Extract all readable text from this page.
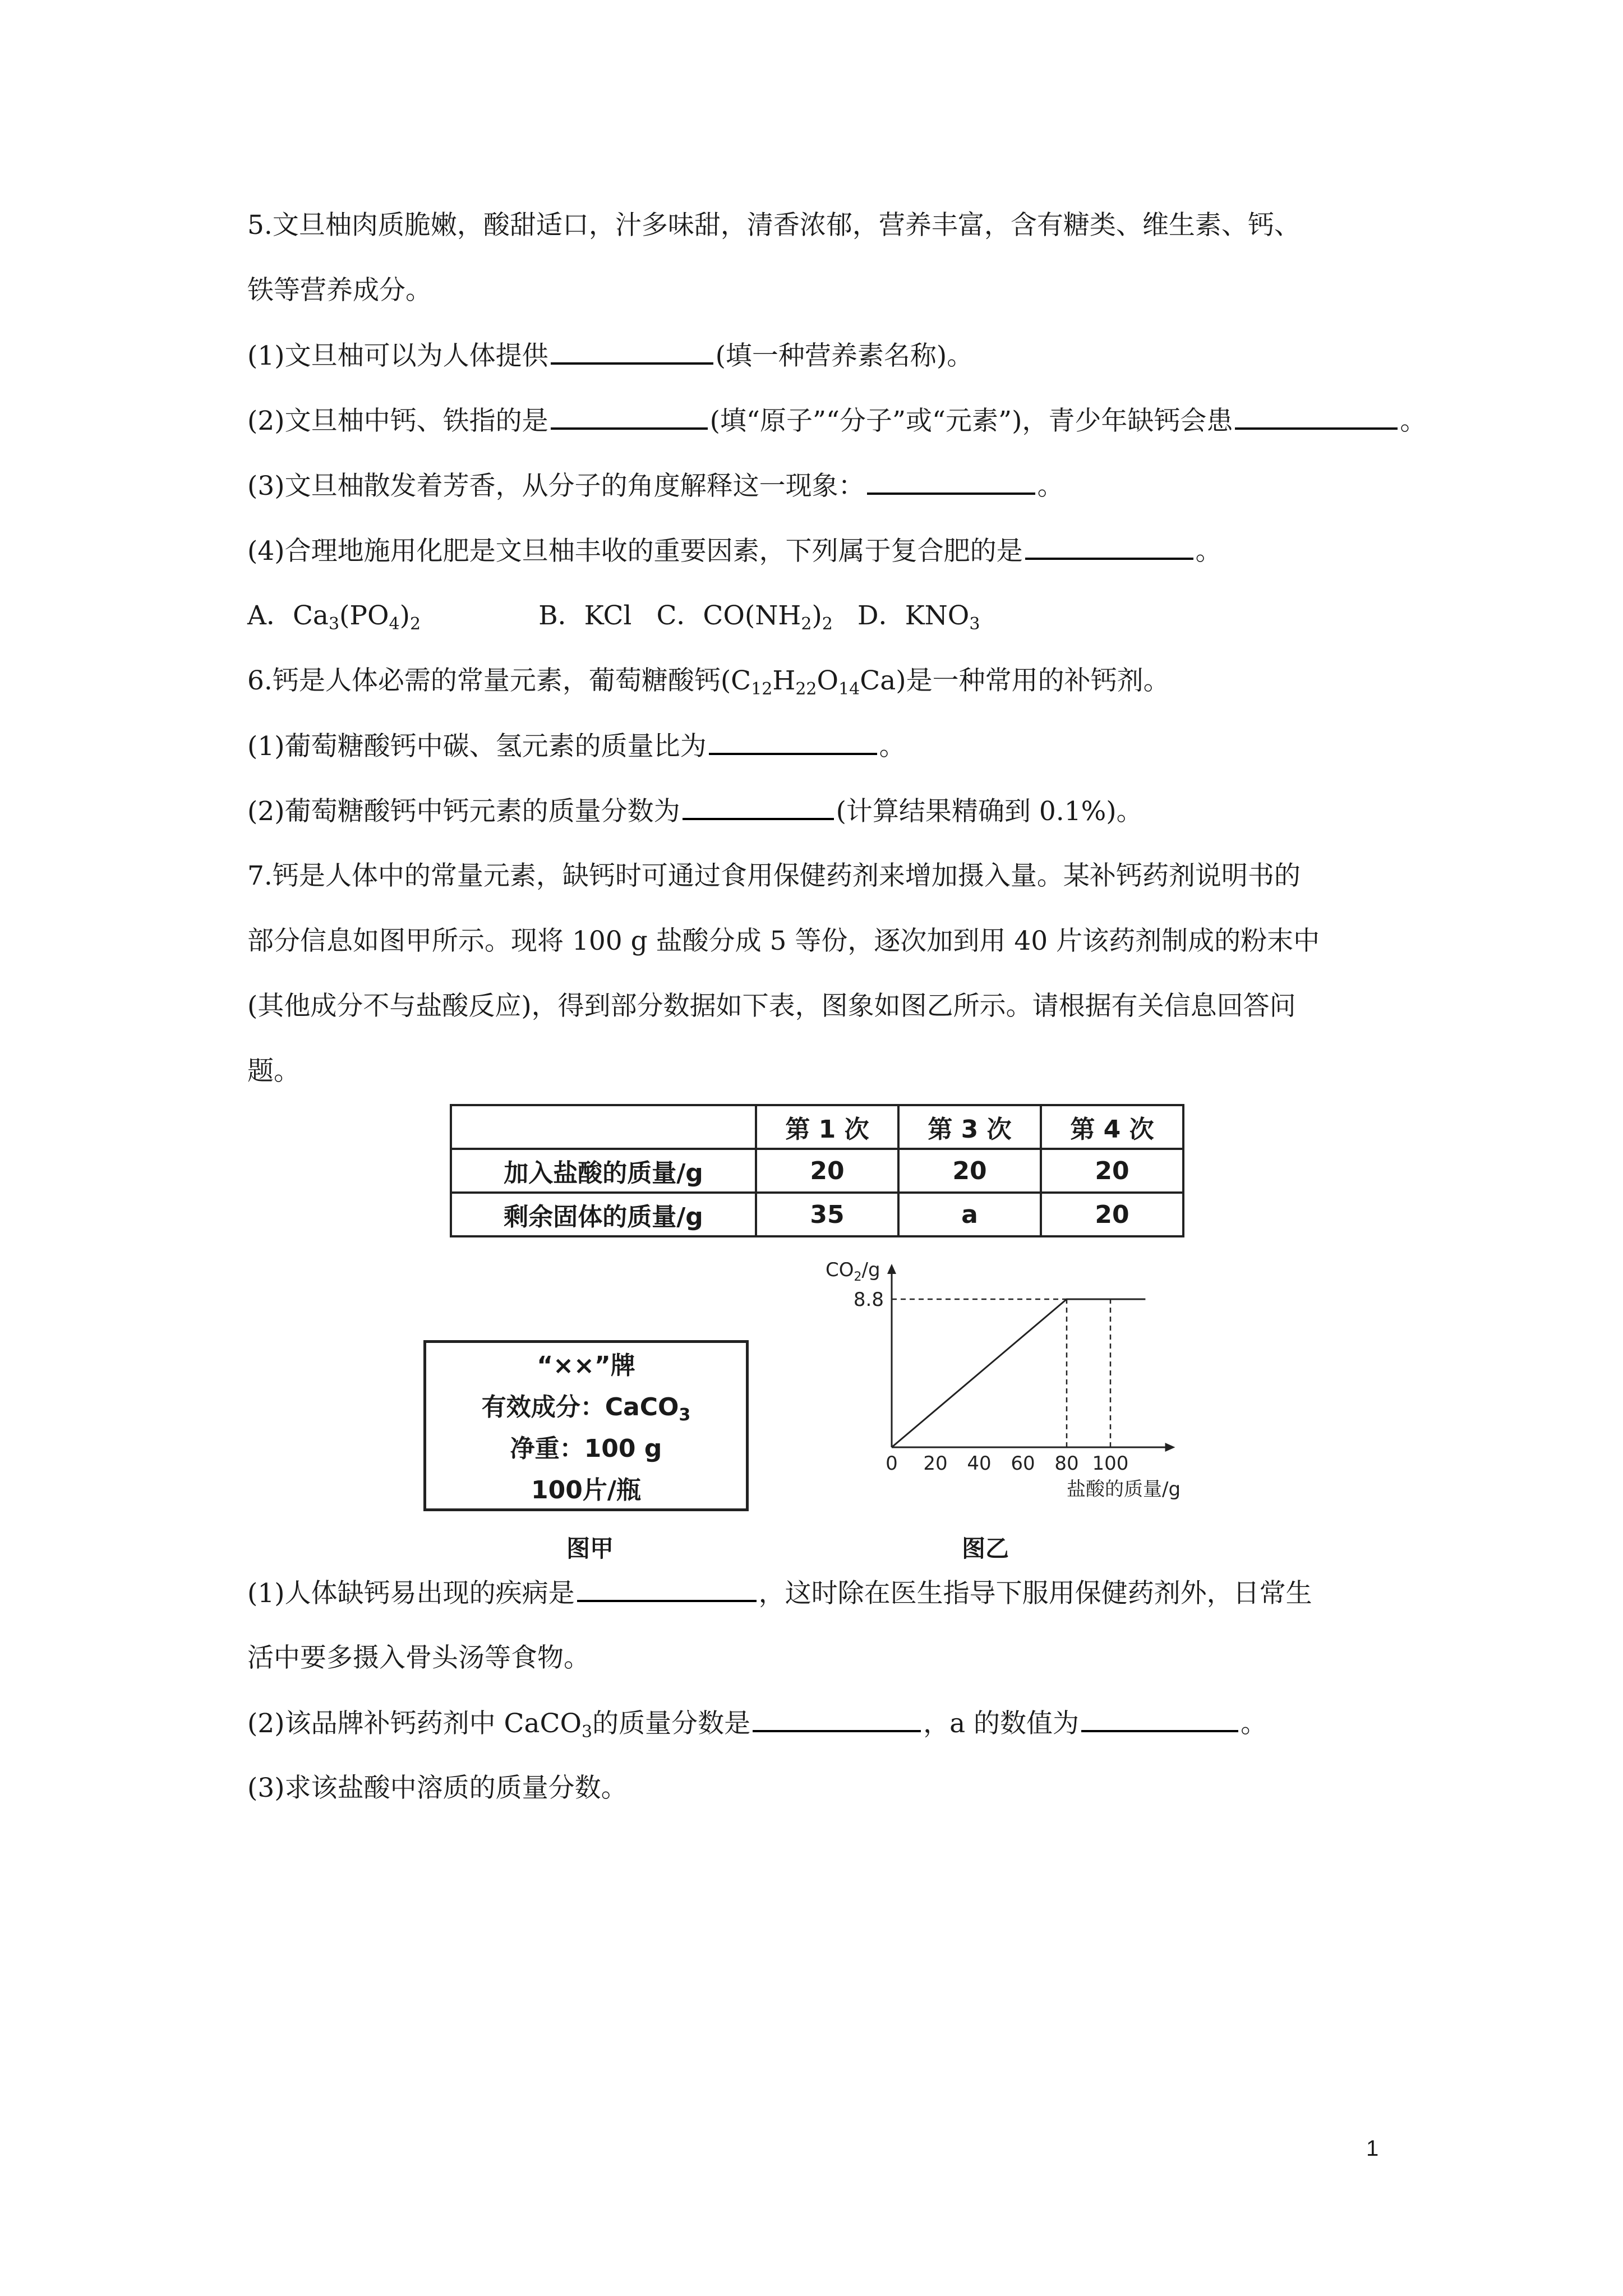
5.文旦柚肉质脆嫩，酸甜适口，汁多味甜，清香浓郁，营养丰富，含有糖类、维生素、钙、
铁等营养成分。
(1)文旦柚可以为人体提供	(填一种营养素名称)。
(2)文旦柚中钙、铁指的是	(填“原子”“分子”或“元素”)，青少年缺钙会患	。
(3)文旦柚散发着芳香，从分子的角度解释这一现象：	。
(4)合理地施用化肥是文旦柚丰收的重要因素，下列属于复合肥的是	。
A．$Ca_3(PO_4)_2$	B．KCl C．$CO(NH_2)_2$ D．$KNO_3$
6.钙是人体必需的常量元素，葡萄糖酸钙$(C_{12}H_{22}O_{14}Ca)$是一种常用的补钙剂。
(1)葡萄糖酸钙中碳、氢元素的质量比为	。
(2)葡萄糖酸钙中钙元素的质量分数为	(计算结果精确到 0.1%)。
7.钙是人体中的常量元素，缺钙时可通过食用保健药剂来增加摄入量。某补钙药剂说明书的
部分信息如图甲所示。现将 100 g 盐酸分成 5 等份，逐次加到用 40 片该药剂制成的粉末中
(其他成分不与盐酸反应)，得到部分数据如下表，图象如图乙所示。请根据有关信息回答问
题。
	第 1 次	第 3 次	第 4 次
加入盐酸的质量/g	20	20	20
剩余固体的质量/g	35	a	20
“××”牌
有效成分：CaCO$_3$
净重：100 g
100片/瓶
图甲
0 20 40 60 80 100
8.8
$CO_2/g$
盐酸的质量/g
图乙
(1)人体缺钙易出现的疾病是	，这时除在医生指导下服用保健药剂外，日常生
活中要多摄入骨头汤等食物。
(2)该品牌补钙药剂中 CaCO$_3$的质量分数是	，a 的数值为	。
(3)求该盐酸中溶质的质量分数。
1
